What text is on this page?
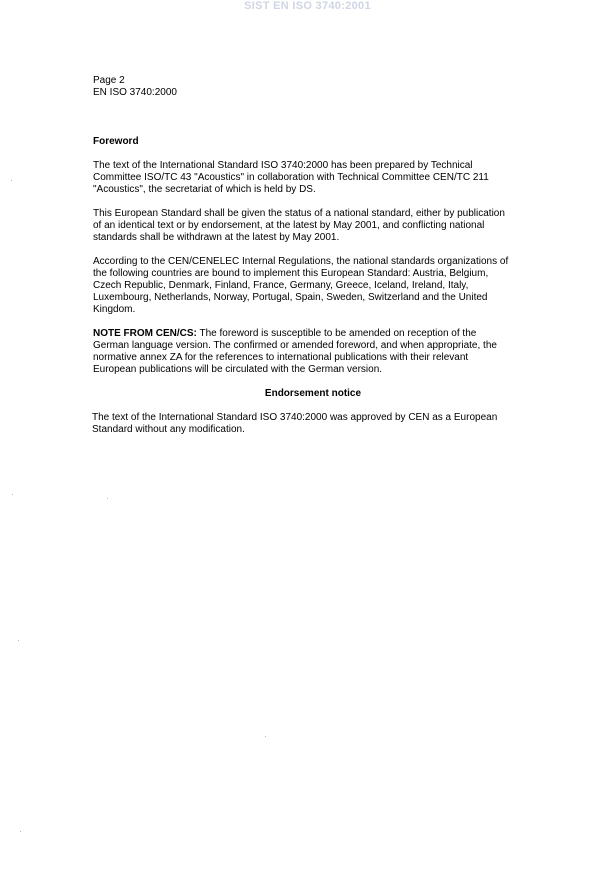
SIST EN ISO 3740:2001
Page 2
EN ISO 3740:2000
Foreword
The text of the International Standard ISO 3740:2000 has been prepared by Technical
Committee ISO/TC 43 "Acoustics" in collaboration with Technical Committee CEN/TC 211
"Acoustics", the secretariat of which is held by DS.
This European Standard shall be given the status of a national standard, either by publication
of an identical text or by endorsement, at the latest by May 2001, and conflicting national
standards shall be withdrawn at the latest by May 2001.
According to the CEN/CENELEC Internal Regulations, the national standards organizations of
the following countries are bound to implement this European Standard: Austria, Belgium,
Czech Republic, Denmark, Finland, France, Germany, Greece, Iceland, Ireland, Italy,
Luxembourg, Netherlands, Norway, Portugal, Spain, Sweden, Switzerland and the United
Kingdom.
NOTE FROM CEN/CS: The foreword is susceptible to be amended on reception of the
German language version. The confirmed or amended foreword, and when appropriate, the
normative annex ZA for the references to international publications with their relevant
European publications will be circulated with the German version.
Endorsement notice
The text of the International Standard ISO 3740:2000 was approved by CEN as a European
Standard without any modification.
